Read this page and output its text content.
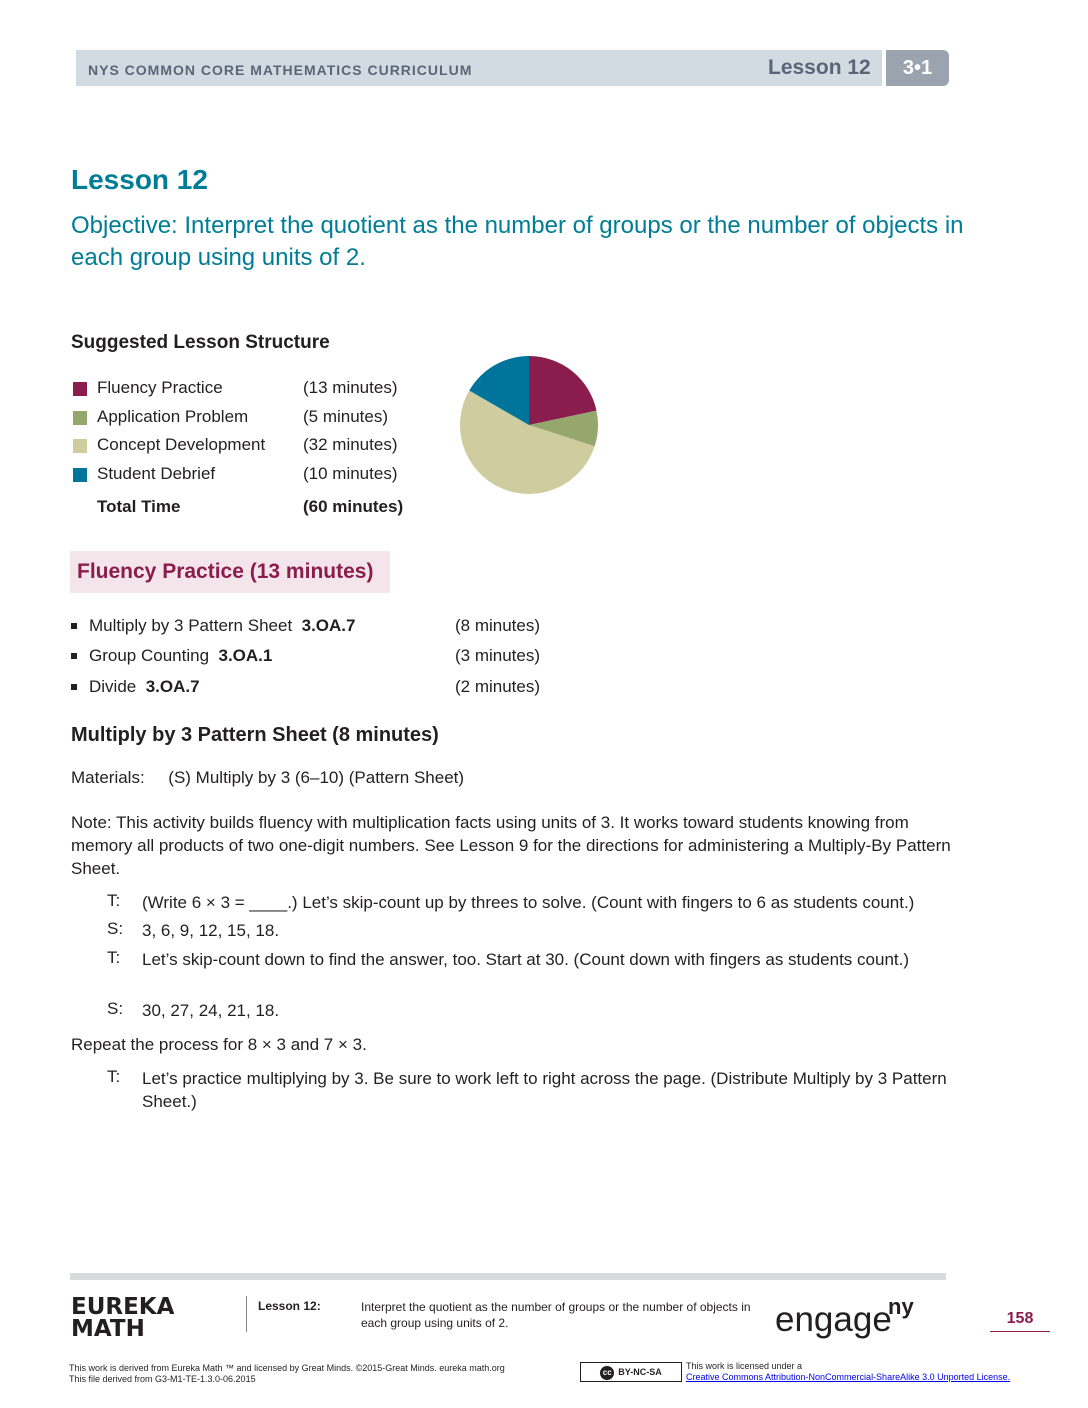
NYS COMMON CORE MATHEMATICS CURRICULUM	Lesson 12	3•1
Lesson 12
Objective: Interpret the quotient as the number of groups or the number of objects in each group using units of 2.
Suggested Lesson Structure
Fluency Practice	(13 minutes)
Application Problem	(5 minutes)
Concept Development (32 minutes)
Student Debrief	(10 minutes)
Total Time	(60 minutes)
Fluency Practice (13 minutes)
Multiply by 3 Pattern Sheet 3.OA.7	(8 minutes)
Group Counting 3.OA.1	(3 minutes)
Divide 3.OA.7	(2 minutes)
Multiply by 3 Pattern Sheet (8 minutes)
Materials:     (S) Multiply by 3 (6–10) (Pattern Sheet)
Note: This activity builds fluency with multiplication facts using units of 3. It works toward students knowing from memory all products of two one-digit numbers. See Lesson 9 for the directions for administering a Multiply-By Pattern Sheet.
T: (Write 6 × 3 = ____.) Let’s skip-count up by threes to solve. (Count with fingers to 6 as students count.)
S: 3, 6, 9, 12, 15, 18.
T: Let’s skip-count down to find the answer, too. Start at 30. (Count down with fingers as students count.)
S: 30, 27, 24, 21, 18.
Repeat the process for 8 × 3 and 7 × 3.
T: Let’s practice multiplying by 3. Be sure to work left to right across the page. (Distribute Multiply by 3 Pattern Sheet.)
EUREKA
MATH
Lesson 12:	Interpret the quotient as the number of groups or the number of objects in each group using units of 2.	engage
ny	158
This work is derived from Eureka Math ™ and licensed by Great Minds. ©2015-Great Minds. eureka math.org
This file derived from G3-M1-TE-1.3.0-06.2015
cc BY-NC-SA
This work is licensed under a
Creative Commons Attribution-NonCommercial-ShareAlike 3.0 Unported License.
